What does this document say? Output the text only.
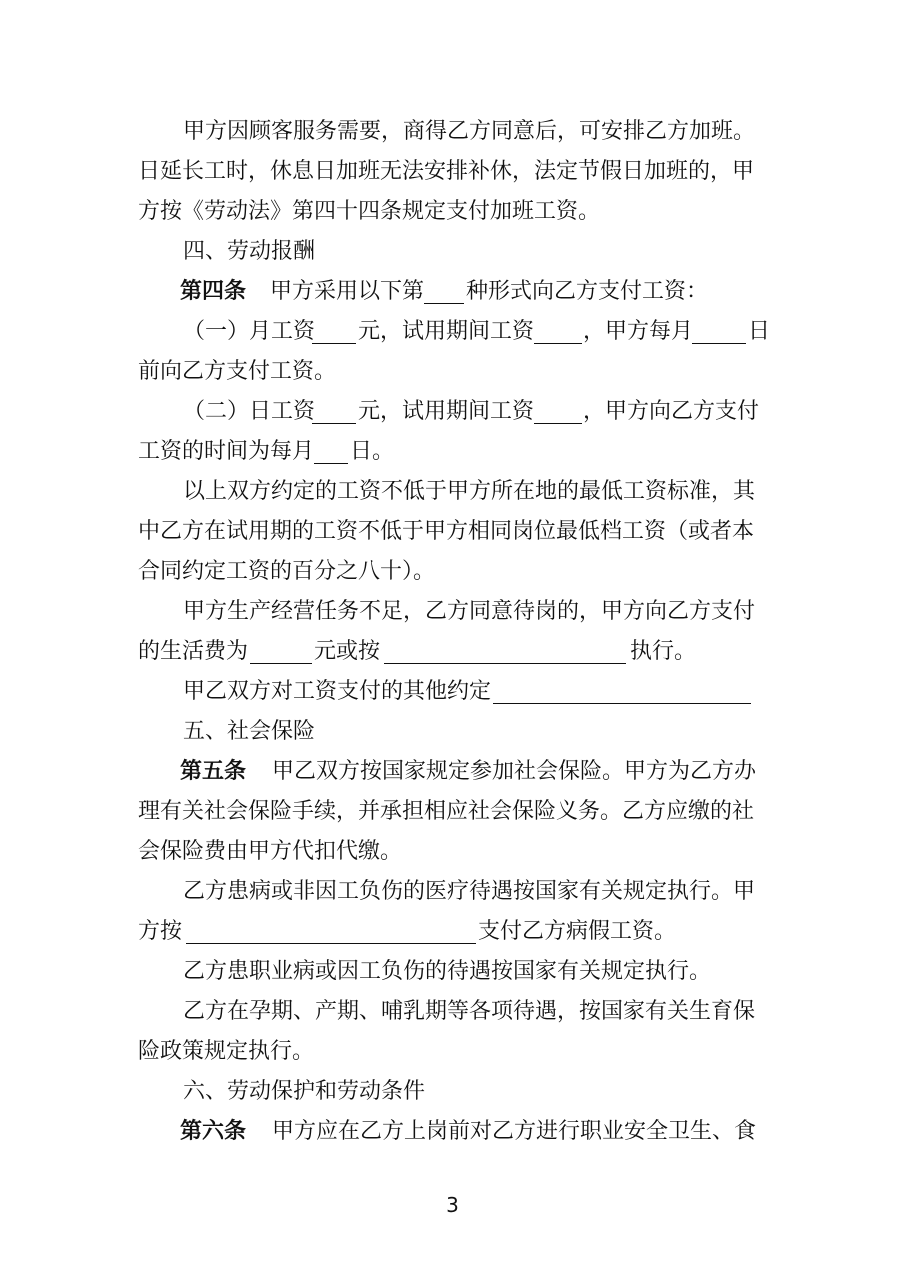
甲方因顾客服务需要，商得乙方同意后，可安排乙方加班。
日延长工时，休息日加班无法安排补休，法定节假日加班的，甲
方按《劳动法》第四十四条规定支付加班工资。
四、劳动报酬
第四条 甲方采用以下第 种形式向乙方支付工资：
（一）月工资 元，试用期间工资 ，甲方每月 日
前向乙方支付工资。
（二）日工资 元，试用期间工资 ，甲方向乙方支付
工资的时间为每月 日。
以上双方约定的工资不低于甲方所在地的最低工资标准，其
中乙方在试用期的工资不低于甲方相同岗位最低档工资（或者本
合同约定工资的百分之八十）。
甲方生产经营任务不足，乙方同意待岗的，甲方向乙方支付
的生活费为	元或按	执行。
甲乙双方对工资支付的其他约定
五、社会保险
第五条 甲乙双方按国家规定参加社会保险。甲方为乙方办
理有关社会保险手续，并承担相应社会保险义务。乙方应缴的社
会保险费由甲方代扣代缴。
乙方患病或非因工负伤的医疗待遇按国家有关规定执行。甲
方按	支付乙方病假工资。
乙方患职业病或因工负伤的待遇按国家有关规定执行。
乙方在孕期、产期、哺乳期等各项待遇，按国家有关生育保
险政策规定执行。
六、劳动保护和劳动条件
第六条 甲方应在乙方上岗前对乙方进行职业安全卫生、食
3
